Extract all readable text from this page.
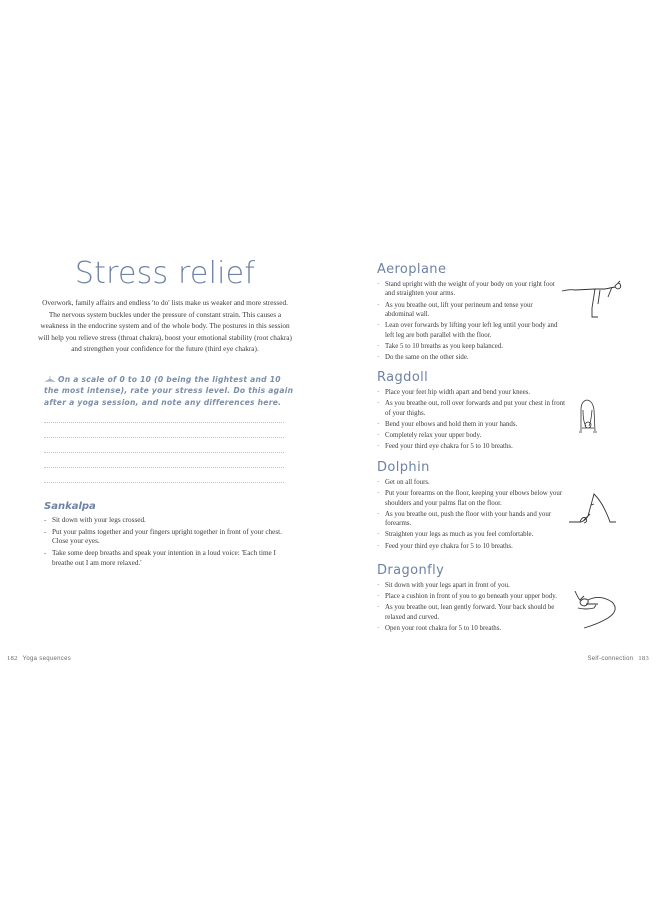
Stress relief
Overwork, family affairs and endless 'to do' lists make us weaker and more stressed. The nervous system buckles under the pressure of constant strain. This causes a weakness in the endocrine system and of the whole body. The postures in this session will help you relieve stress (throat chakra), boost your emotional stability (root chakra) and strengthen your confidence for the future (third eye chakra).
On a scale of 0 to 10 (0 being the lightest and 10 the most intense), rate your stress level. Do this again after a yoga session, and note any differences here.
Sankalpa
- Sit down with your legs crossed.
- Put your palms together and your fingers upright together in front of your chest. Close your eyes.
- Take some deep breaths and speak your intention in a loud voice: 'Each time I breathe out I am more relaxed.'
182 Yoga sequences
Aeroplane
· Stand upright with the weight of your body on your right foot and straighten your arms.
· As you breathe out, lift your perineum and tense your abdominal wall.
· Lean over forwards by lifting your left leg until your body and left leg are both parallel with the floor.
· Take 5 to 10 breaths as you keep balanced.
· Do the same on the other side.
Ragdoll
· Place your feet hip width apart and bend your knees.
· As you breathe out, roll over forwards and put your chest in front of your thighs.
· Bend your elbows and hold them in your hands.
· Completely relax your upper body.
· Feed your third eye chakra for 5 to 10 breaths.
Dolphin
· Get on all fours.
· Put your forearms on the floor, keeping your elbows below your shoulders and your palms flat on the floor.
· As you breathe out, push the floor with your hands and your forearms.
· Straighten your legs as much as you feel comfortable.
· Feed your third eye chakra for 5 to 10 breaths.
Dragonfly
· Sit down with your legs apart in front of you.
· Place a cushion in front of you to go beneath your upper body.
· As you breathe out, lean gently forward. Your back should be relaxed and curved.
· Open your root chakra for 5 to 10 breaths.
Self-connection 183
